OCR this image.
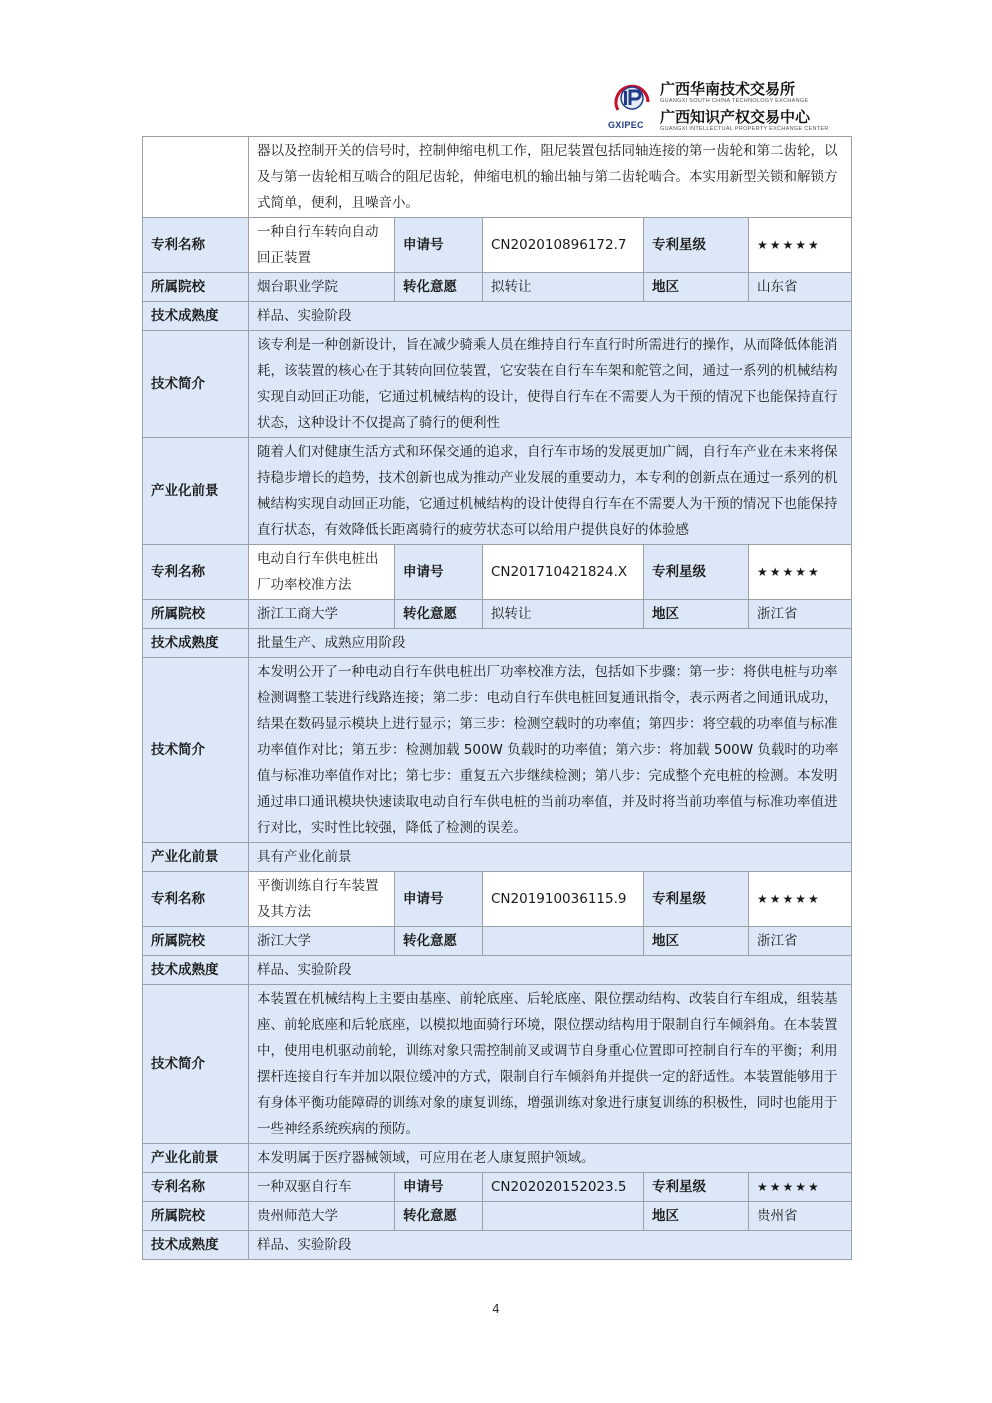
GXIPEC
广西华南技术交易所
GUANGXI SOUTH CHINA TECHNOLOGY EXCHANGE
广西知识产权交易中心
GUANGXI INTELLECTUAL PROPERTY EXCHANGE CENTER
	器以及控制开关的信号时，控制伸缩电机工作，阻尼装置包括同轴连接的第一齿轮和第二齿轮，以及与第一齿轮相互啮合的阻尼齿轮，伸缩电机的输出轴与第二齿轮啮合。本实用新型关锁和解锁方式简单，便利，且噪音小。				
专利名称	一种自行车转向自动回正装置	申请号	CN202010896172.7	专利星级	★★★★★
所属院校	烟台职业学院	转化意愿	拟转让	地区	山东省
技术成熟度	样品、实验阶段				
技术简介	该专利是一种创新设计，旨在减少骑乘人员在维持自行车直行时所需进行的操作，从而降低体能消耗，该装置的核心在于其转向回位装置，它安装在自行车车架和舵管之间，通过一系列的机械结构实现自动回正功能，它通过机械结构的设计，使得自行车在不需要人为干预的情况下也能保持直行状态，这种设计不仅提高了骑行的便利性				
产业化前景	随着人们对健康生活方式和环保交通的追求，自行车市场的发展更加广阔，自行车产业在未来将保持稳步增长的趋势，技术创新也成为推动产业发展的重要动力，本专利的创新点在通过一系列的机械结构实现自动回正功能，它通过机械结构的设计使得自行车在不需要人为干预的情况下也能保持直行状态，有效降低长距离骑行的疲劳状态可以给用户提供良好的体验感				
专利名称	电动自行车供电桩出厂功率校准方法	申请号	CN201710421824.X	专利星级	★★★★★
所属院校	浙江工商大学	转化意愿	拟转让	地区	浙江省
技术成熟度	批量生产、成熟应用阶段				
技术简介	本发明公开了一种电动自行车供电桩出厂功率校准方法，包括如下步骤：第一步：将供电桩与功率检测调整工装进行线路连接；第二步：电动自行车供电桩回复通讯指令，表示两者之间通讯成功，结果在数码显示模块上进行显示；第三步：检测空载时的功率值；第四步：将空载的功率值与标准功率值作对比；第五步：检测加载 500W 负载时的功率值；第六步：将加载 500W 负载时的功率值与标准功率值作对比；第七步：重复五六步继续检测；第八步：完成整个充电桩的检测。本发明通过串口通讯模块快速读取电动自行车供电桩的当前功率值，并及时将当前功率值与标准功率值进行对比，实时性比较强，降低了检测的误差。				
产业化前景	具有产业化前景				
专利名称	平衡训练自行车装置及其方法	申请号	CN201910036115.9	专利星级	★★★★★
所属院校	浙江大学	转化意愿		地区	浙江省
技术成熟度	样品、实验阶段				
技术简介	本装置在机械结构上主要由基座、前轮底座、后轮底座、限位摆动结构、改装自行车组成，组装基座、前轮底座和后轮底座，以模拟地面骑行环境，限位摆动结构用于限制自行车倾斜角。在本装置中，使用电机驱动前轮，训练对象只需控制前叉或调节自身重心位置即可控制自行车的平衡；利用摆杆连接自行车并加以限位缓冲的方式，限制自行车倾斜角并提供一定的舒适性。本装置能够用于有身体平衡功能障碍的训练对象的康复训练，增强训练对象进行康复训练的积极性，同时也能用于一些神经系统疾病的预防。				
产业化前景	本发明属于医疗器械领域，可应用在老人康复照护领域。				
专利名称	一种双驱自行车	申请号	CN202020152023.5	专利星级	★★★★★
所属院校	贵州师范大学	转化意愿		地区	贵州省
技术成熟度	样品、实验阶段				
4
